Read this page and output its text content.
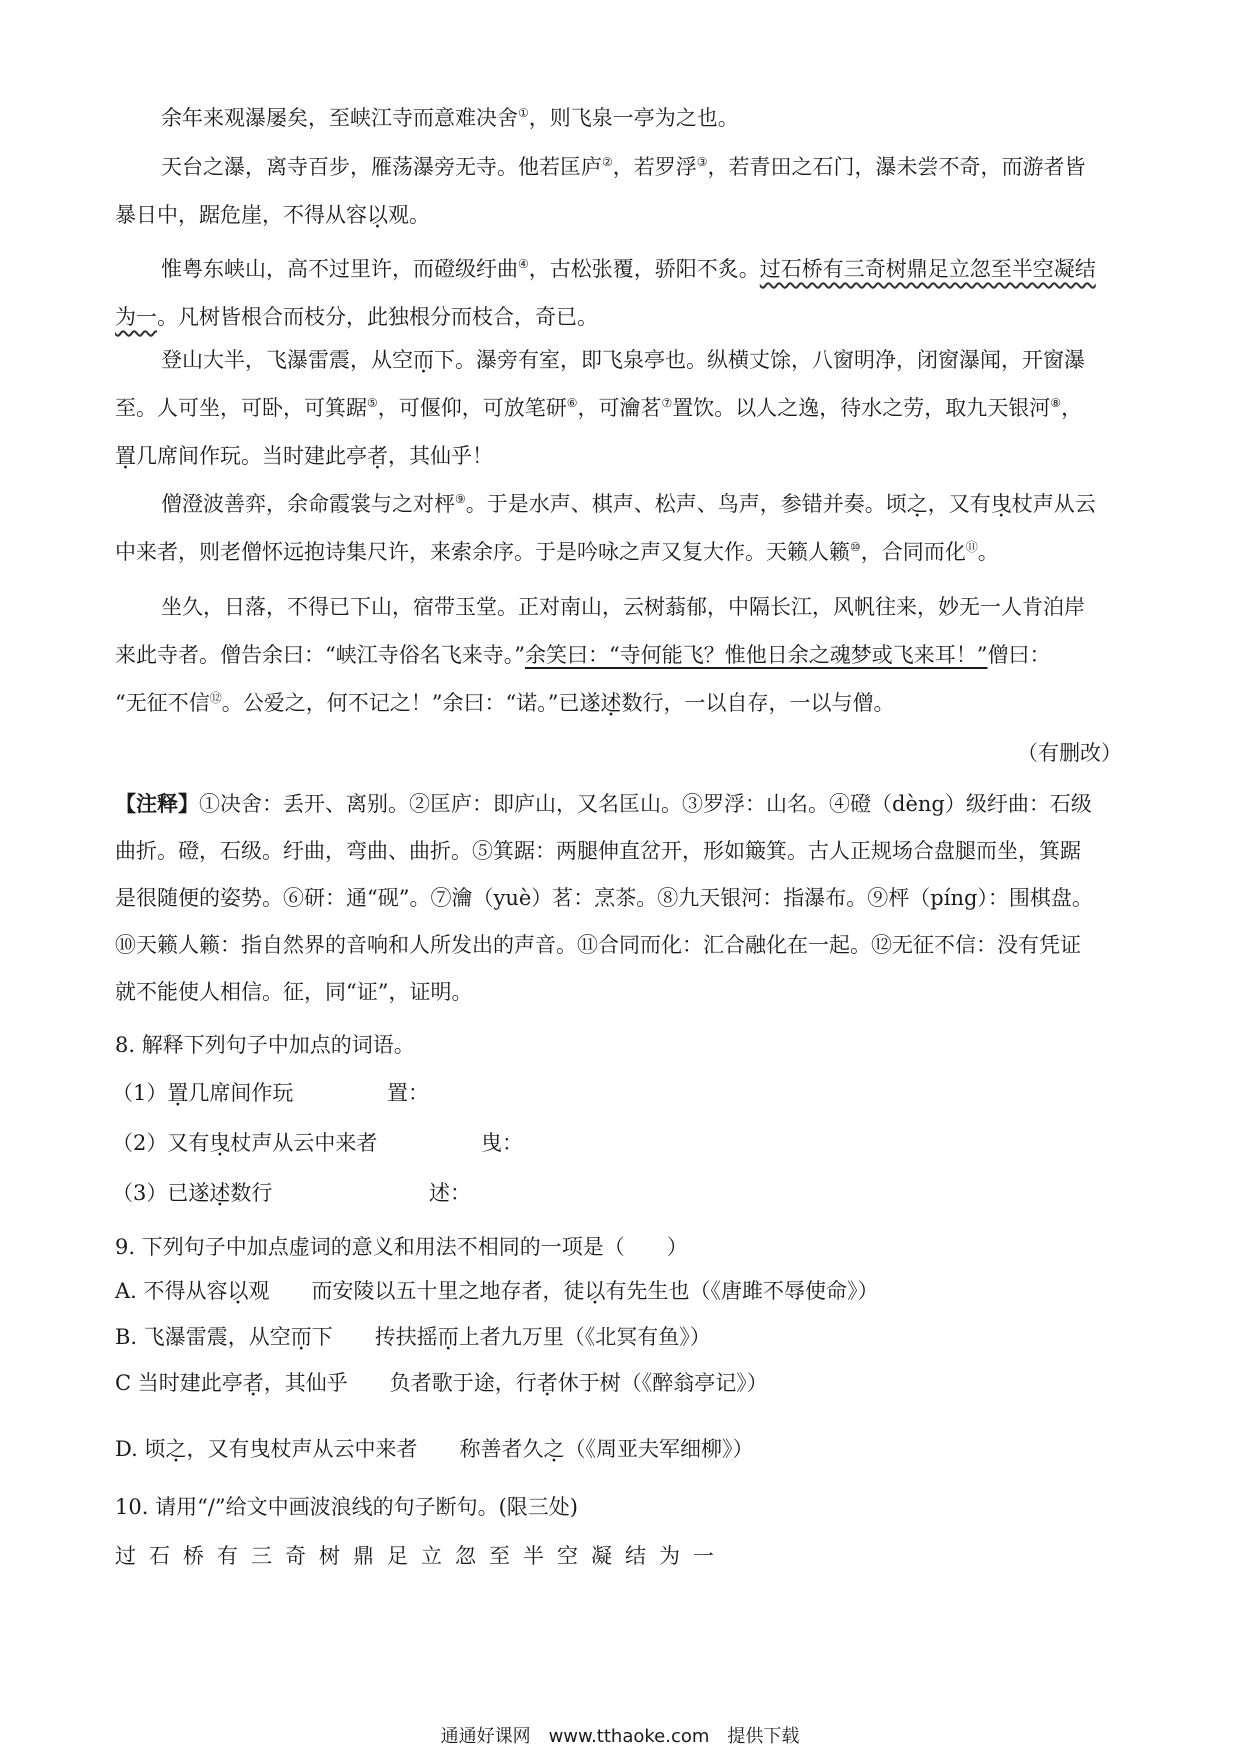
余年来观瀑屡矣，至峡江寺而意难决舍①，则飞泉一亭为之也。

天台之瀑，离寺百步，雁荡瀑旁无寺。他若匡庐②，若罗浮③，若青田之石门，瀑未尝不奇，而游者皆
暴日中，踞危崖，不得从容以观。

惟粤东峡山，高不过里许，而磴级纡曲④，古松张覆，骄阳不炙。过石桥有三奇树鼎足立忽至半空凝结
为一。凡树皆根合而枝分，此独根分而枝合，奇已。

登山大半，飞瀑雷震，从空而下。瀑旁有室，即飞泉亭也。纵横丈馀，八窗明净，闭窗瀑闻，开窗瀑
至。人可坐，可卧，可箕踞⑤，可偃仰，可放笔研⑥，可瀹茗⑦置饮。以人之逸，待水之劳，取九天银河⑧，
置几席间作玩。当时建此亭者，其仙乎！

僧澄波善弈，余命霞裳与之对枰⑨。于是水声、棋声、松声、鸟声，参错并奏。顷之，又有曳杖声从云
中来者，则老僧怀远抱诗集尺许，来索余序。于是吟咏之声又复大作。天籁人籁⑩，合同而化⑪。

坐久，日落，不得已下山，宿带玉堂。正对南山，云树蓊郁，中隔长江，风帆往来，妙无一人肯泊岸
来此寺者。僧告余曰：“峡江寺俗名飞来寺。”余笑曰：“寺何能飞？惟他日余之魂梦或飞来耳！”僧曰：
“无征不信⑫。公爱之，何不记之！”余曰：“诺。”已遂述数行，一以自存，一以与僧。

（有删改）

【注释】①决舍：丢开、离别。②匡庐：即庐山，又名匡山。③罗浮：山名。④磴（dèng）级纡曲：石级
曲折。磴，石级。纡曲，弯曲、曲折。⑤箕踞：两腿伸直岔开，形如簸箕。古人正规场合盘腿而坐，箕踞
是很随便的姿势。⑥研：通“砚”。⑦瀹（yuè）茗：烹茶。⑧九天银河：指瀑布。⑨枰（píng）：围棋盘。
⑩天籁人籁：指自然界的音响和人所发出的声音。⑪合同而化：汇合融化在一起。⑫无征不信：没有凭证
就不能使人相信。征，同“证”，证明。

8. 解释下列句子中加点的词语。
（1）置几席间作玩	置：
（2）又有曳杖声从云中来者	曳：
（3）已遂述数行	述：
9. 下列句子中加点虚词的意义和用法不相同的一项是（　　）
A. 不得从容以观　　而安陵以五十里之地存者，徒以有先生也（《唐雎不辱使命》）
B. 飞瀑雷震，从空而下　　抟扶摇而上者九万里（《北冥有鱼》）
C 当时建此亭者，其仙乎　　负者歌于途，行者休于树（《醉翁亭记》）
D. 顷之，又有曳杖声从云中来者　　称善者久之（《周亚夫军细柳》）
10. 请用“/”给文中画波浪线的句子断句。(限三处)
过石桥有三奇树鼎足立忽至半空凝结为一
通通好课网　www.tthaoke.com　提供下载
